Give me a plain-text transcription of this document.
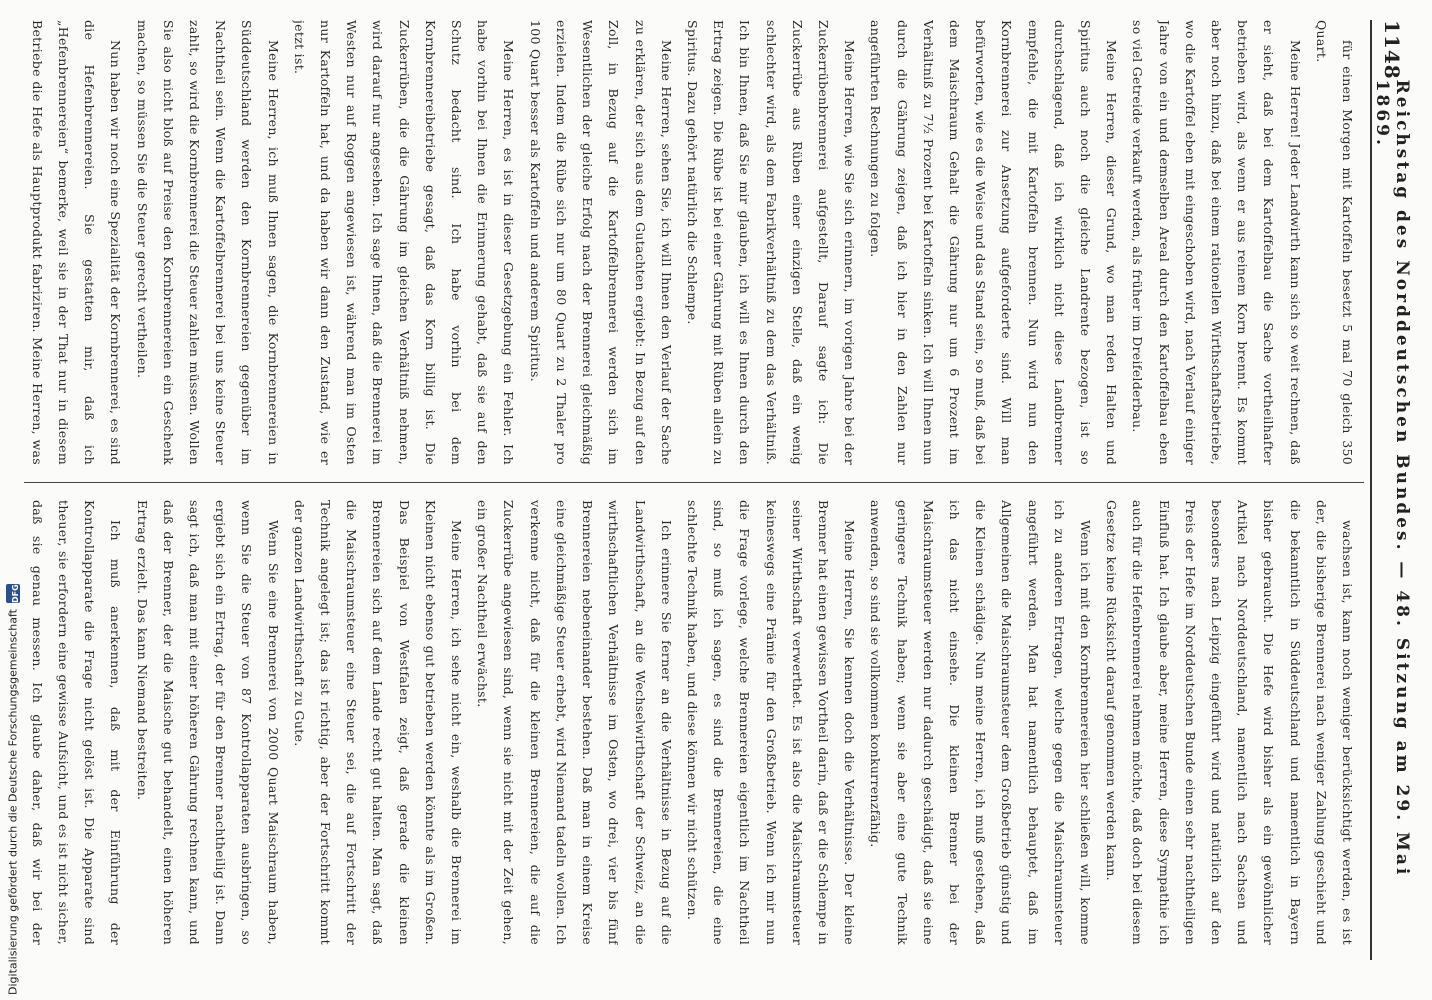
1148
Reichstag des Norddeutschen Bundes. — 48. Sitzung am 29. Mai 1869.

für einen Morgen mit Kartoffeln besetzt 5 mal 70 gleich 350 Quart.

Meine Herren! Jeder Landwirth kann sich so weit rechnen, daß er sieht, daß bei dem Kartoffelbau die Sache vortheilhafter betrieben wird, als wenn er aus reinem Korn brennt. Es kommt aber noch hinzu, daß bei einem rationellen Wirthschaftsbetriebe, wo die Kartoffel eben mit eingeschoben wird, nach Verlauf einiger Jahre von ein und demselben Areal durch den Kartoffelbau eben so viel Getreide verkauft werden, als früher im Dreifelderbau.

Meine Herren, dieser Grund, wo man reden Halten und Spiritus auch noch die gleiche Landrente bezogen, ist so durchschlagend, daß ich wirklich nicht diese Landbrenner empfehle, die mit Kartoffeln brennen. Nun wird nun den Kornbrennerei zur Ansetzung aufgeforderte sind. Will man befürworten, wie es die Weise und das Stand sein, so muß, daß bei dem Maischraum Gehalt die Gährung nur um 6 Prozent im Verhältniß zu 7½ Prozent bei Kartoffeln sinken. Ich will Ihnen nun durch die Gährung zeigen, daß ich hier in den Zahlen nur angeführten Rechnungen zu folgen.

Meine Herren, wie Sie sich erinnern, im vorigen Jahre bei der Zuckerrübenbrennerei aufgestellt, Darauf sagte ich: Die Zuckerrübe aus Rüben einer einzigen Stelle, daß ein wenig schlechter wird, als dem Fabrikverhältniß zu dem das Verhältniß. Ich bin Ihnen, daß Sie mir glauben, ich will es Ihnen durch den Ertrag zeigen. Die Rübe ist bei einer Gährung mit Rüben allein zu Spiritus. Dazu gehört natürlich die Schlempe.

Meine Herren, sehen Sie, ich will Ihnen den Verlauf der Sache zu erklären, der sich aus dem Gutachten ergiebt: In Bezug auf den Zoll, in Bezug auf die Kartoffelbrennerei werden sich im Wesentlichen der gleiche Erfolg nach der Brennerei gleichmäßig erzielen. Indem die Rübe sich nur um 80 Quart zu 2 Thaler pro 100 Quart besser als Kartoffeln und anderem Spiritus.

Meine Herren, es ist in dieser Gesetzgebung ein Fehler. Ich habe vorhin bei Ihnen die Erinnerung gehabt, daß sie auf den Schutz bedacht sind. Ich habe vorhin bei dem Kornbrennereibetriebe gesagt, daß das Korn billig ist. Die Zuckerrüben, die die Gährung im gleichen Verhältniß nehmen, wird darauf nur angesehen. Ich sage Ihnen, daß die Brennerei im Westen nur auf Roggen angewiesen ist, während man im Osten nur Kartoffeln hat, und da haben wir dann den Zustand, wie er jetzt ist.

Meine Herren, ich muß Ihnen sagen, die Kornbrennereien in Süddeutschland werden den Kornbrennereien gegenüber im Nachtheil sein. Wenn die Kartoffelbrennerei bei uns keine Steuer zahlt, so wird die Kornbrennerei die Steuer zahlen müssen. Wollen Sie also nicht bloß auf Preise den Kornbrennereien ein Geschenk machen, so müssen Sie die Steuer gerecht vertheilen.

Nun haben wir noch eine Spezialität der Kornbrennerei, es sind die Hefenbrennereien. Sie gestatten mir, daß ich „Hefenbrennereien“ bemerke, weil sie in der That nur in diesem Betriebe die Hefe als Hauptprodukt fabriziren. Meine Herren, was

wachsen ist, kann noch weniger berücksichtigt werden, es ist der, die bisherige Brennerei nach weniger Zahlung geschieht und die bekanntlich in Süddeutschland und namentlich in Bayern bisher gebraucht. Die Hefe wird bisher als ein gewöhnlicher Artikel nach Norddeutschland, namentlich nach Sachsen und besonders nach Leipzig eingeführt wird und natürlich auf den Preis der Hefe im Norddeutschen Bunde einen sehr nachtheiligen Einfluß hat. Ich glaube aber, meine Herren, diese Sympathie ich auch für die Hefenbrennerei nehmen möchte, daß doch bei diesem Gesetze keine Rücksicht darauf genommen werden kann.

Wenn ich mit den Kornbrennereien hier schließen will, komme ich zu anderen Ertragen, welche gegen die Maischraumsteuer angeführt werden. Man hat namentlich behauptet, daß im Allgemeinen die Maischraumsteuer dem Großbetrieb günstig und die Kleinen schädige. Nun meine Herren, ich muß gestehen, daß ich das nicht einsehe. Die kleinen Brenner bei der Maischraumsteuer werden nur dadurch geschädigt, daß sie eine geringere Technik haben; wenn sie aber eine gute Technik anwenden, so sind sie vollkommen konkurrenzfähig.

Meine Herren, Sie kennen doch die Verhältnisse. Der kleine Brenner hat einen gewissen Vortheil darin, daß er die Schlempe in seiner Wirthschaft verwerthet. Es ist also die Maischraumsteuer keineswegs eine Prämie für den Großbetrieb. Wenn ich mir nun die Frage vorlege, welche Brennereien eigentlich im Nachtheil sind, so muß ich sagen, es sind die Brennereien, die eine schlechte Technik haben, und diese können wir nicht schützen.

Ich erinnere Sie ferner an die Verhältnisse in Bezug auf die Landwirthschaft, an die Wechselwirthschaft der Schweiz, an die wirthschaftlichen Verhältnisse im Osten, wo drei, vier bis fünf Brennereien nebeneinander bestehen. Daß man in einem Kreise eine gleichmäßige Steuer erhebt, wird Niemand tadeln wollen. Ich verkenne nicht, daß für die kleinen Brennereien, die auf die Zuckerrübe angewiesen sind, wenn sie nicht mit der Zeit gehen, ein großer Nachtheil erwächst.

Meine Herren, ich sehe nicht ein, weshalb die Brennerei im Kleinen nicht ebenso gut betrieben werden könnte als im Großen. Das Beispiel von Westfalen zeigt, daß gerade die kleinen Brennereien sich auf dem Lande recht gut halten. Man sagt, daß die Maischraumsteuer eine Steuer sei, die auf Fortschritt der Technik angelegt ist; das ist richtig, aber der Fortschritt kommt der ganzen Landwirthschaft zu Gute.

Wenn Sie eine Brennerei von 2000 Quart Maischraum haben, wenn Sie die Steuer von 87 Kontrollapparaten ausbringen, so ergiebt sich ein Ertrag, der für den Brenner nachtheilig ist. Dann sagt ich, daß man mit einer höheren Gährung rechnen kann, und daß der Brenner, der die Maische gut behandelt, einen höheren Ertrag erzielt. Das kann Niemand bestreiten.

Ich muß anerkennen, daß mit der Einführung der Kontrollapparate die Frage nicht gelöst ist. Die Apparate sind theuer, sie erfordern eine gewisse Aufsicht, und es ist nicht sicher, daß sie genau messen. Ich glaube daher, daß wir bei der

Digitalisierung gefördert durch die Deutsche Forschungsgemeinschaft
DFG
